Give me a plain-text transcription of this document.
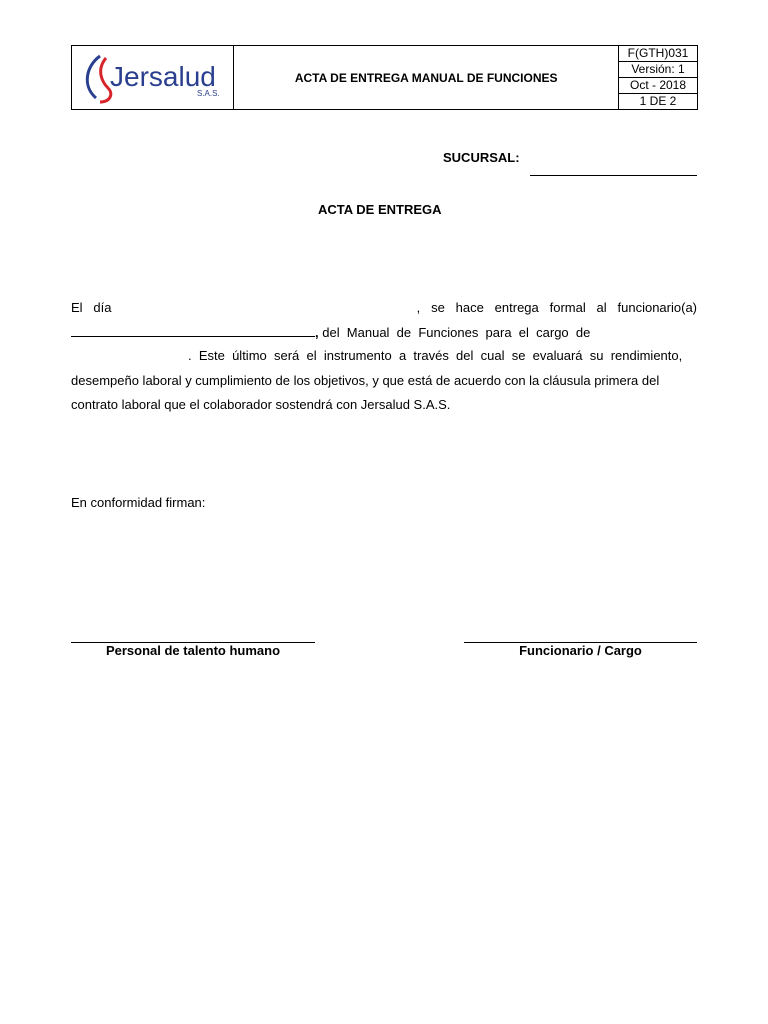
Jersalud
S.A.S.
	ACTA DE ENTREGA MANUAL DE FUNCIONES	
F(GTH)031
Versión: 1
Oct - 2018
1 DE 2
SUCURSAL:
ACTA DE ENTREGA
El   día	,   se   hace   entrega   formal   al   funcionario(a)
, del  Manual  de  Funciones  para  el  cargo  de
.  Este  último  será  el  instrumento  a  través  del  cual  se  evaluará  su  rendimiento,
desempeño laboral y cumplimiento de los objetivos, y que está de acuerdo con la cláusula primera del
contrato laboral que el colaborador sostendrá con Jersalud S.A.S.
En conformidad firman:
Personal de talento humano	Funcionario / Cargo
